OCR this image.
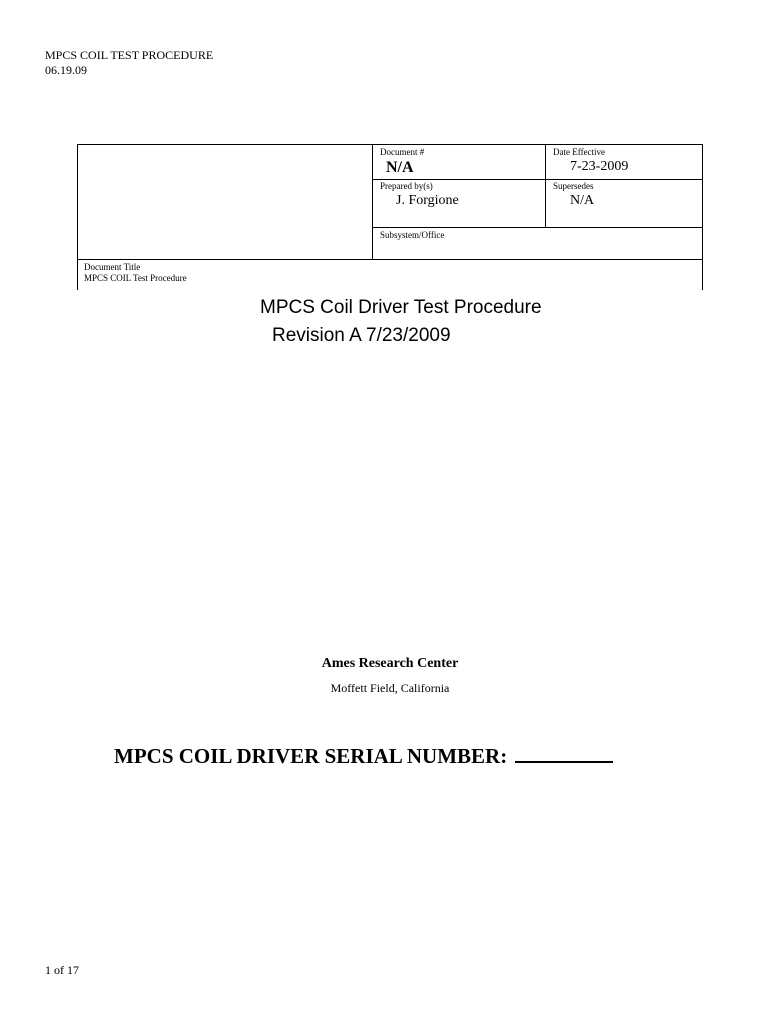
MPCS COIL TEST PROCEDURE
06.19.09
Document #
N/A
Date Effective
7-23-2009
Prepared by(s)
J. Forgione
Supersedes
N/A
Subsystem/Office
Document Title
MPCS COIL Test Procedure
MPCS Coil Driver Test Procedure
Revision A 7/23/2009
Ames Research Center
Moffett Field, California
MPCS COIL DRIVER SERIAL NUMBER:
1 of 17
